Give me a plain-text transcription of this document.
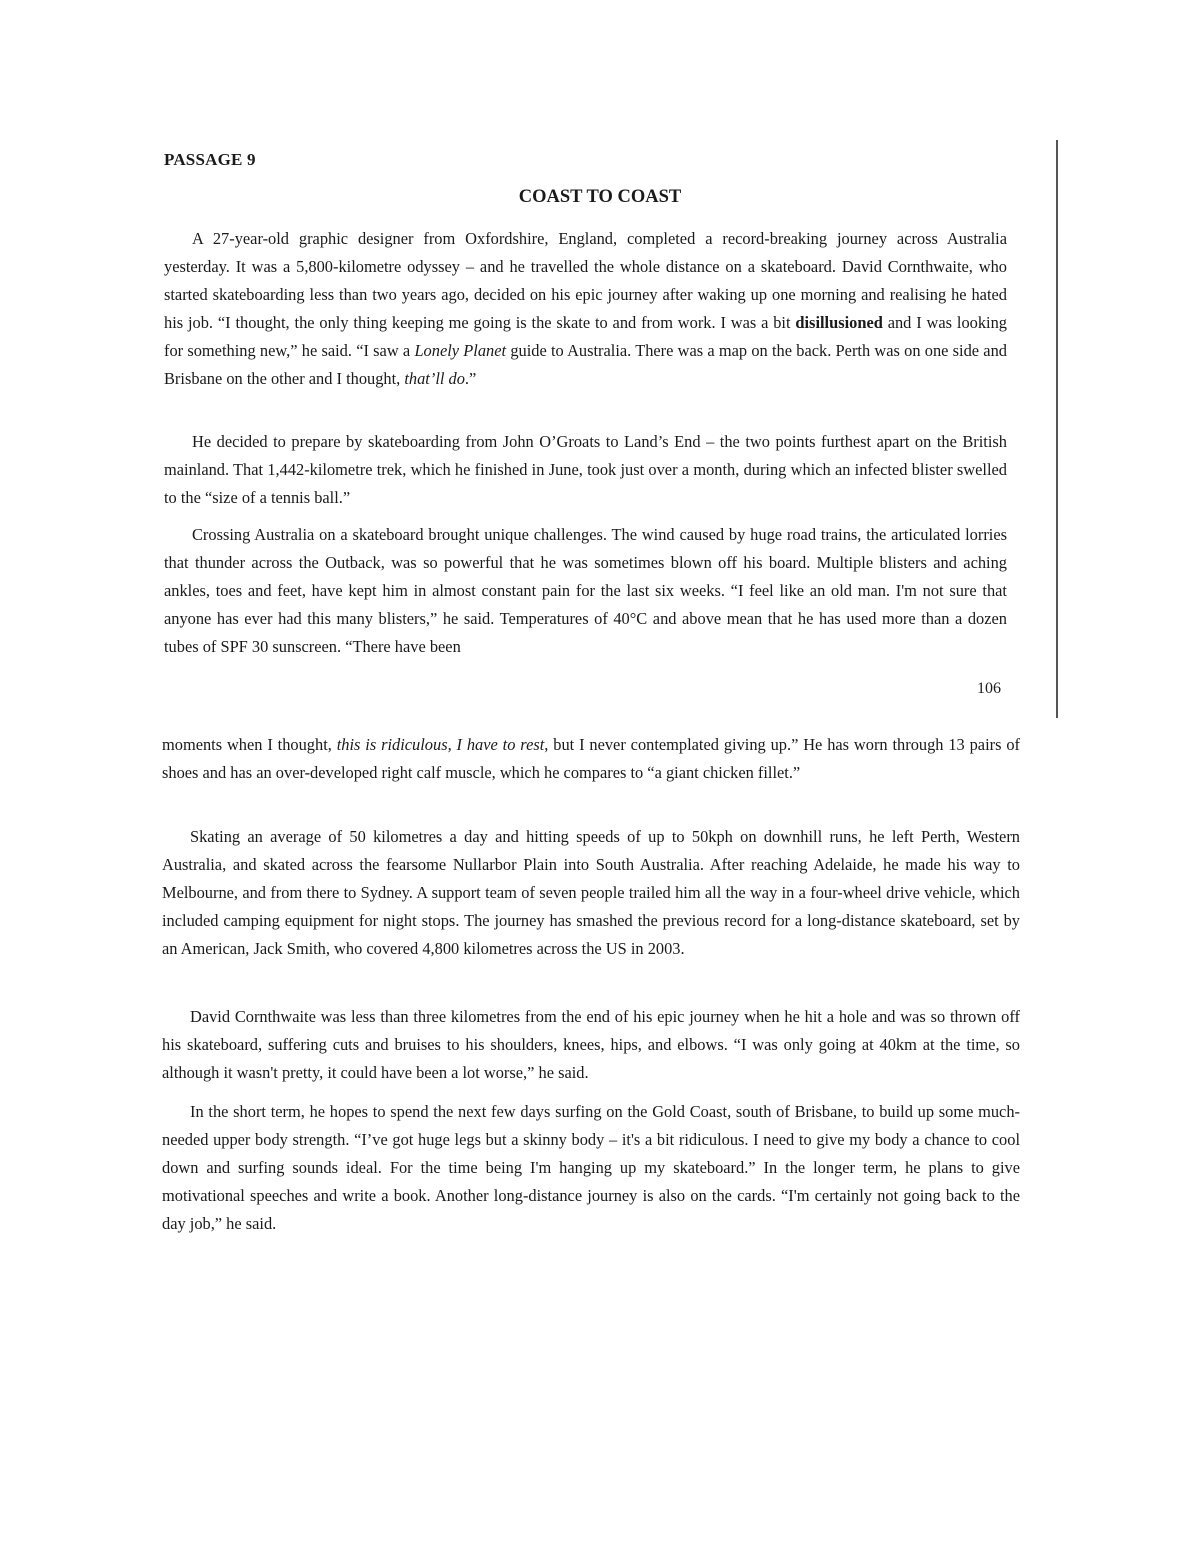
PASSAGE 9
COAST TO COAST

A 27-year-old graphic designer from Oxfordshire, England, completed a record-breaking journey across Australia yesterday. It was a 5,800-kilometre odyssey – and he travelled the whole distance on a skateboard. David Cornthwaite, who started skateboarding less than two years ago, decided on his epic journey after waking up one morning and realising he hated his job. “I thought, the only thing keeping me going is the skate to and from work. I was a bit disillusioned and I was looking for something new,” he said. “I saw a Lonely Planet guide to Australia. There was a map on the back. Perth was on one side and Brisbane on the other and I thought, that’ll do.”

He decided to prepare by skateboarding from John O’Groats to Land’s End – the two points furthest apart on the British mainland. That 1,442-kilometre trek, which he finished in June, took just over a month, during which an infected blister swelled to the “size of a tennis ball.”

Crossing Australia on a skateboard brought unique challenges. The wind caused by huge road trains, the articulated lorries that thunder across the Outback, was so powerful that he was sometimes blown off his board. Multiple blisters and aching ankles, toes and feet, have kept him in almost constant pain for the last six weeks. “I feel like an old man. I'm not sure that anyone has ever had this many blisters,” he said. Temperatures of 40°C and above mean that he has used more than a dozen tubes of SPF 30 sunscreen. “There have been

106

moments when I thought, this is ridiculous, I have to rest, but I never contemplated giving up.” He has worn through 13 pairs of shoes and has an over-developed right calf muscle, which he compares to “a giant chicken fillet.”

Skating an average of 50 kilometres a day and hitting speeds of up to 50kph on downhill runs, he left Perth, Western Australia, and skated across the fearsome Nullarbor Plain into South Australia. After reaching Adelaide, he made his way to Melbourne, and from there to Sydney. A support team of seven people trailed him all the way in a four-wheel drive vehicle, which included camping equipment for night stops. The journey has smashed the previous record for a long-distance skateboard, set by an American, Jack Smith, who covered 4,800 kilometres across the US in 2003.

David Cornthwaite was less than three kilometres from the end of his epic journey when he hit a hole and was so thrown off his skateboard, suffering cuts and bruises to his shoulders, knees, hips, and elbows. “I was only going at 40km at the time, so although it wasn't pretty, it could have been a lot worse,” he said.

In the short term, he hopes to spend the next few days surfing on the Gold Coast, south of Brisbane, to build up some much-needed upper body strength. “I’ve got huge legs but a skinny body – it's a bit ridiculous. I need to give my body a chance to cool down and surfing sounds ideal. For the time being I'm hanging up my skateboard.” In the longer term, he plans to give motivational speeches and write a book. Another long-distance journey is also on the cards. “I'm certainly not going back to the day job,” he said.
